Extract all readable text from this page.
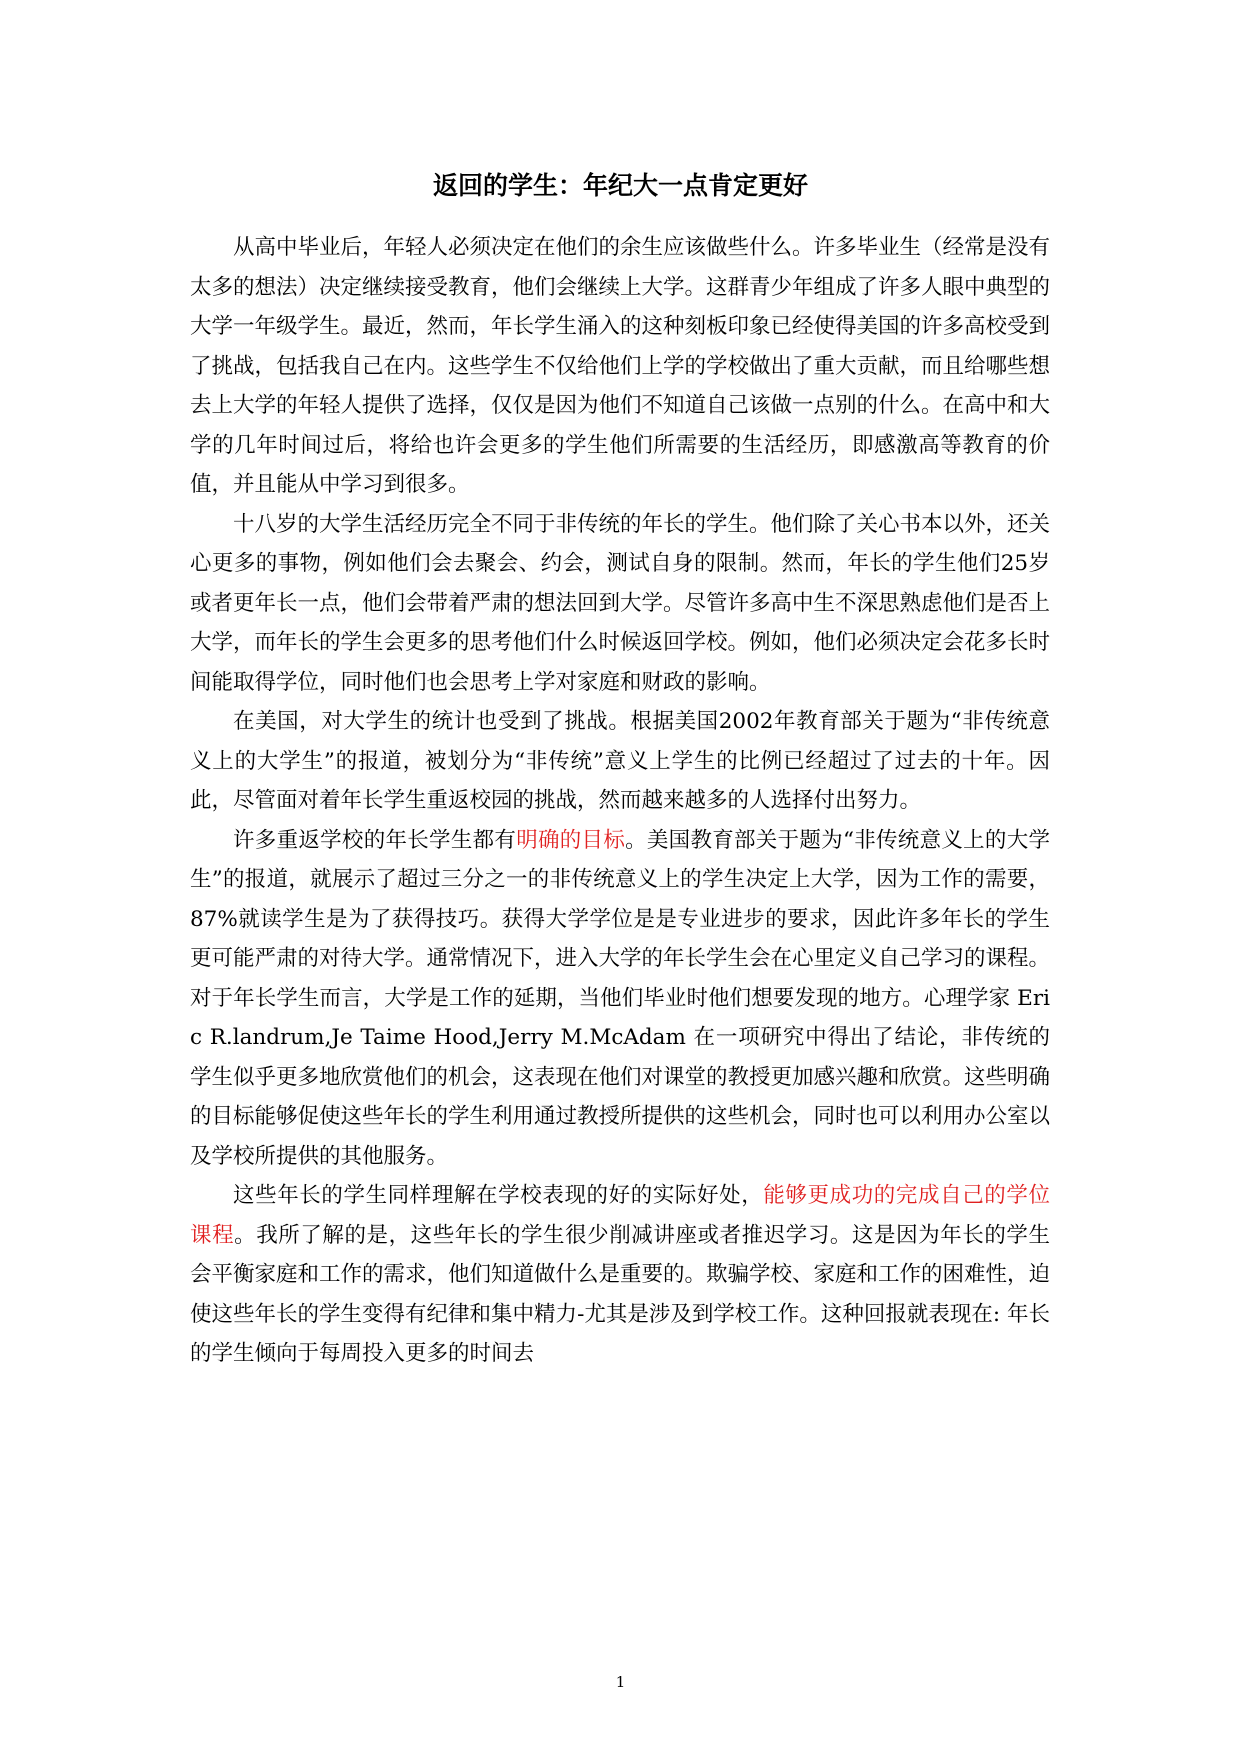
返回的学生：年纪大一点肯定更好

从高中毕业后，年轻人必须决定在他们的余生应该做些什么。许多毕业生（经常是没有太多的想法）决定继续接受教育，他们会继续上大学。这群青少年组成了许多人眼中典型的大学一年级学生。最近，然而，年长学生涌入的这种刻板印象已经使得美国的许多高校受到了挑战，包括我自己在内。这些学生不仅给他们上学的学校做出了重大贡献，而且给哪些想去上大学的年轻人提供了选择，仅仅是因为他们不知道自己该做一点别的什么。在高中和大学的几年时间过后，将给也许会更多的学生他们所需要的生活经历，即感激高等教育的价值，并且能从中学习到很多。

十八岁的大学生活经历完全不同于非传统的年长的学生。他们除了关心书本以外，还关心更多的事物，例如他们会去聚会、约会，测试自身的限制。然而，年长的学生他们25岁或者更年长一点，他们会带着严肃的想法回到大学。尽管许多高中生不深思熟虑他们是否上大学，而年长的学生会更多的思考他们什么时候返回学校。例如，他们必须决定会花多长时间能取得学位，同时他们也会思考上学对家庭和财政的影响。

在美国，对大学生的统计也受到了挑战。根据美国2002年教育部关于题为“非传统意义上的大学生”的报道，被划分为“非传统”意义上学生的比例已经超过了过去的十年。因此，尽管面对着年长学生重返校园的挑战，然而越来越多的人选择付出努力。

许多重返学校的年长学生都有明确的目标。美国教育部关于题为“非传统意义上的大学生”的报道，就展示了超过三分之一的非传统意义上的学生决定上大学，因为工作的需要，87%就读学生是为了获得技巧。获得大学学位是是专业进步的要求，因此许多年长的学生更可能严肃的对待大学。通常情况下，进入大学的年长学生会在心里定义自己学习的课程。对于年长学生而言，大学是工作的延期，当他们毕业时他们想要发现的地方。心理学家 Eric R.landrum,Je Taime Hood,Jerry M.McAdam 在一项研究中得出了结论，非传统的学生似乎更多地欣赏他们的机会，这表现在他们对课堂的教授更加感兴趣和欣赏。这些明确的目标能够促使这些年长的学生利用通过教授所提供的这些机会，同时也可以利用办公室以及学校所提供的其他服务。

这些年长的学生同样理解在学校表现的好的实际好处，能够更成功的完成自己的学位课程。我所了解的是，这些年长的学生很少削减讲座或者推迟学习。这是因为年长的学生会平衡家庭和工作的需求，他们知道做什么是重要的。欺骗学校、家庭和工作的困难性，迫使这些年长的学生变得有纪律和集中精力-尤其是涉及到学校工作。这种回报就表现在: 年长的学生倾向于每周投入更多的时间去

1
